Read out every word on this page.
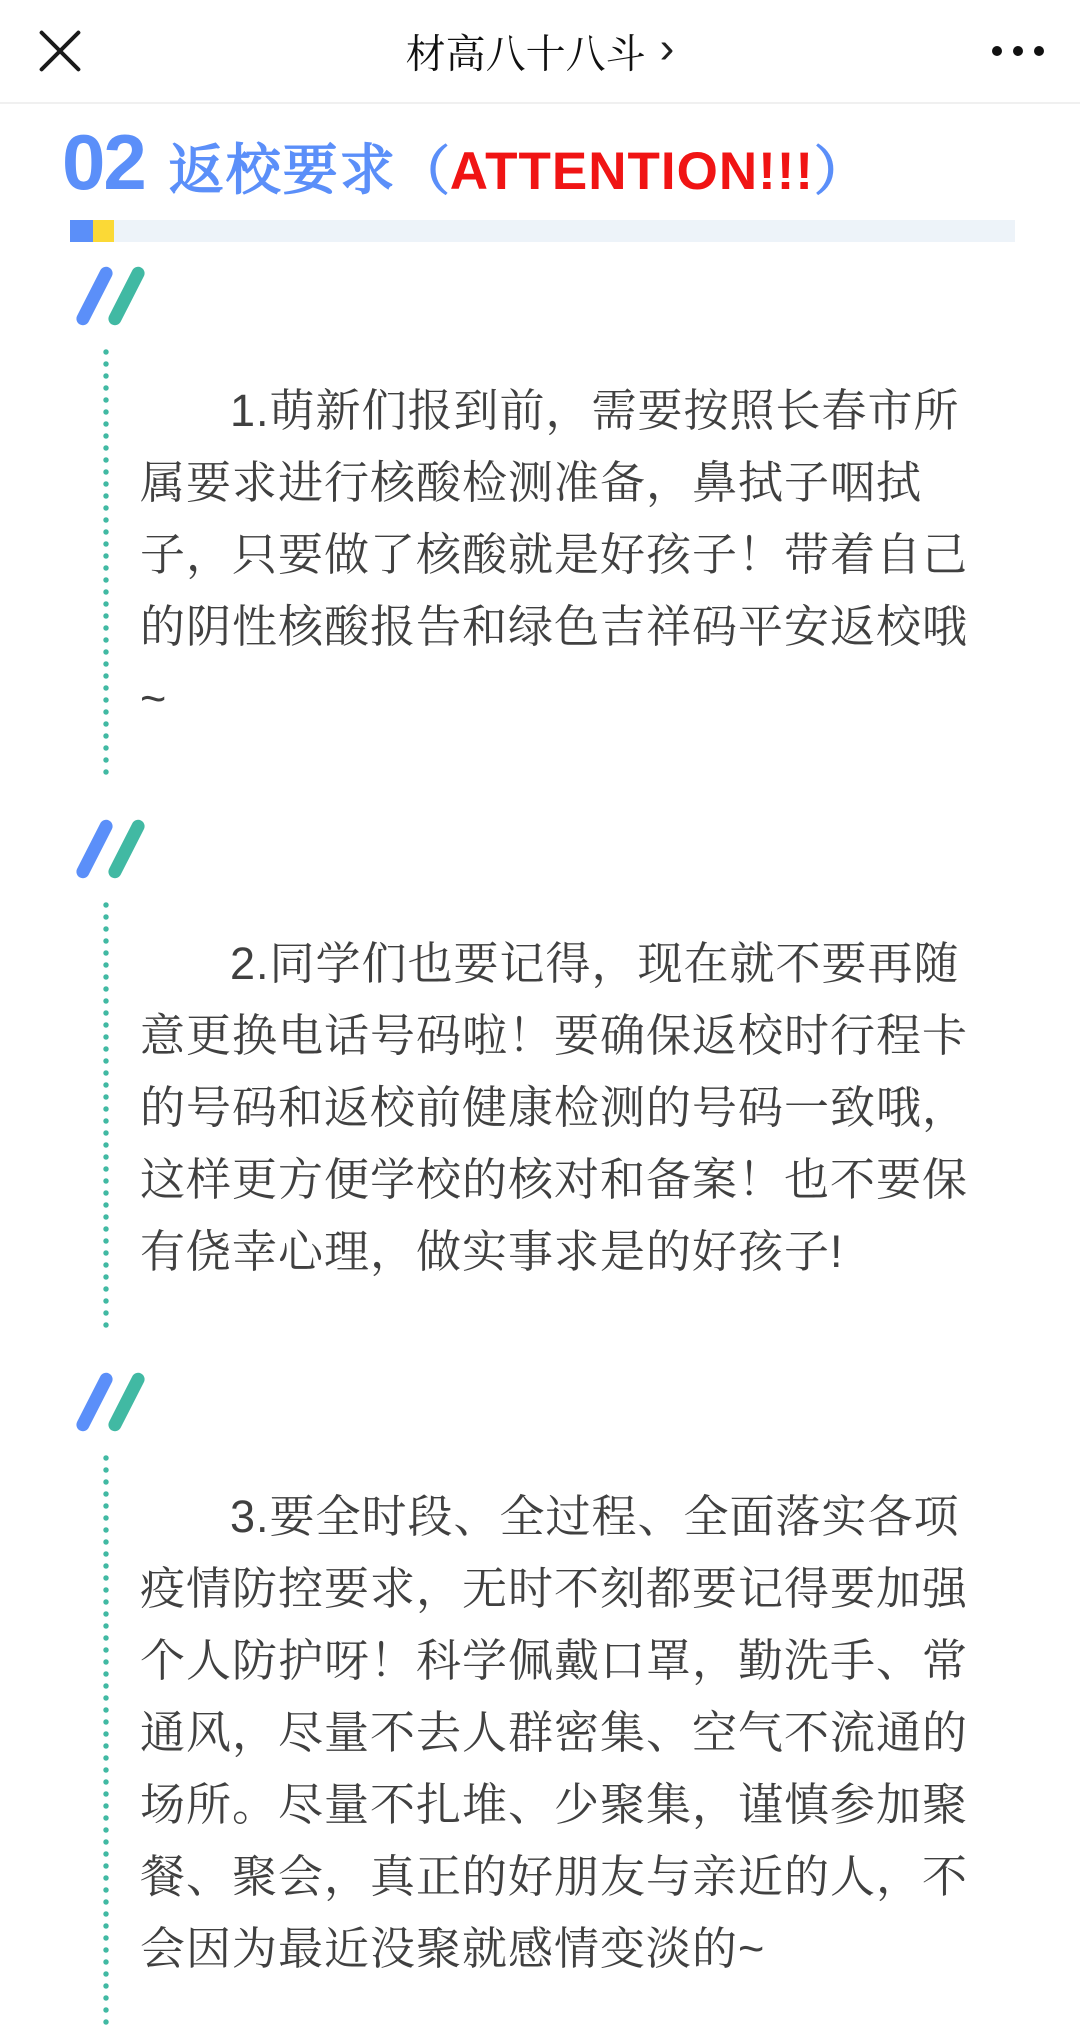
材高八十八斗 ›
02 返校要求 （ ATTENTION!!! ）
1.萌新们报到前，需要按照长春市所
属要求进行核酸检测准备，鼻拭子咽拭
子，只要做了核酸就是好孩子！带着自己
的阴性核酸报告和绿色吉祥码平安返校哦
~
2.同学们也要记得，现在就不要再随
意更换电话号码啦！要确保返校时行程卡
的号码和返校前健康检测的号码一致哦，
这样更方便学校的核对和备案！也不要保
有侥幸心理，做实事求是的好孩子!
3.要全时段、全过程、全面落实各项
疫情防控要求，无时不刻都要记得要加强
个人防护呀！科学佩戴口罩，勤洗手、常
通风，尽量不去人群密集、空气不流通的
场所。尽量不扎堆、少聚集，谨慎参加聚
餐、聚会，真正的好朋友与亲近的人，不
会因为最近没聚就感情变淡的~
